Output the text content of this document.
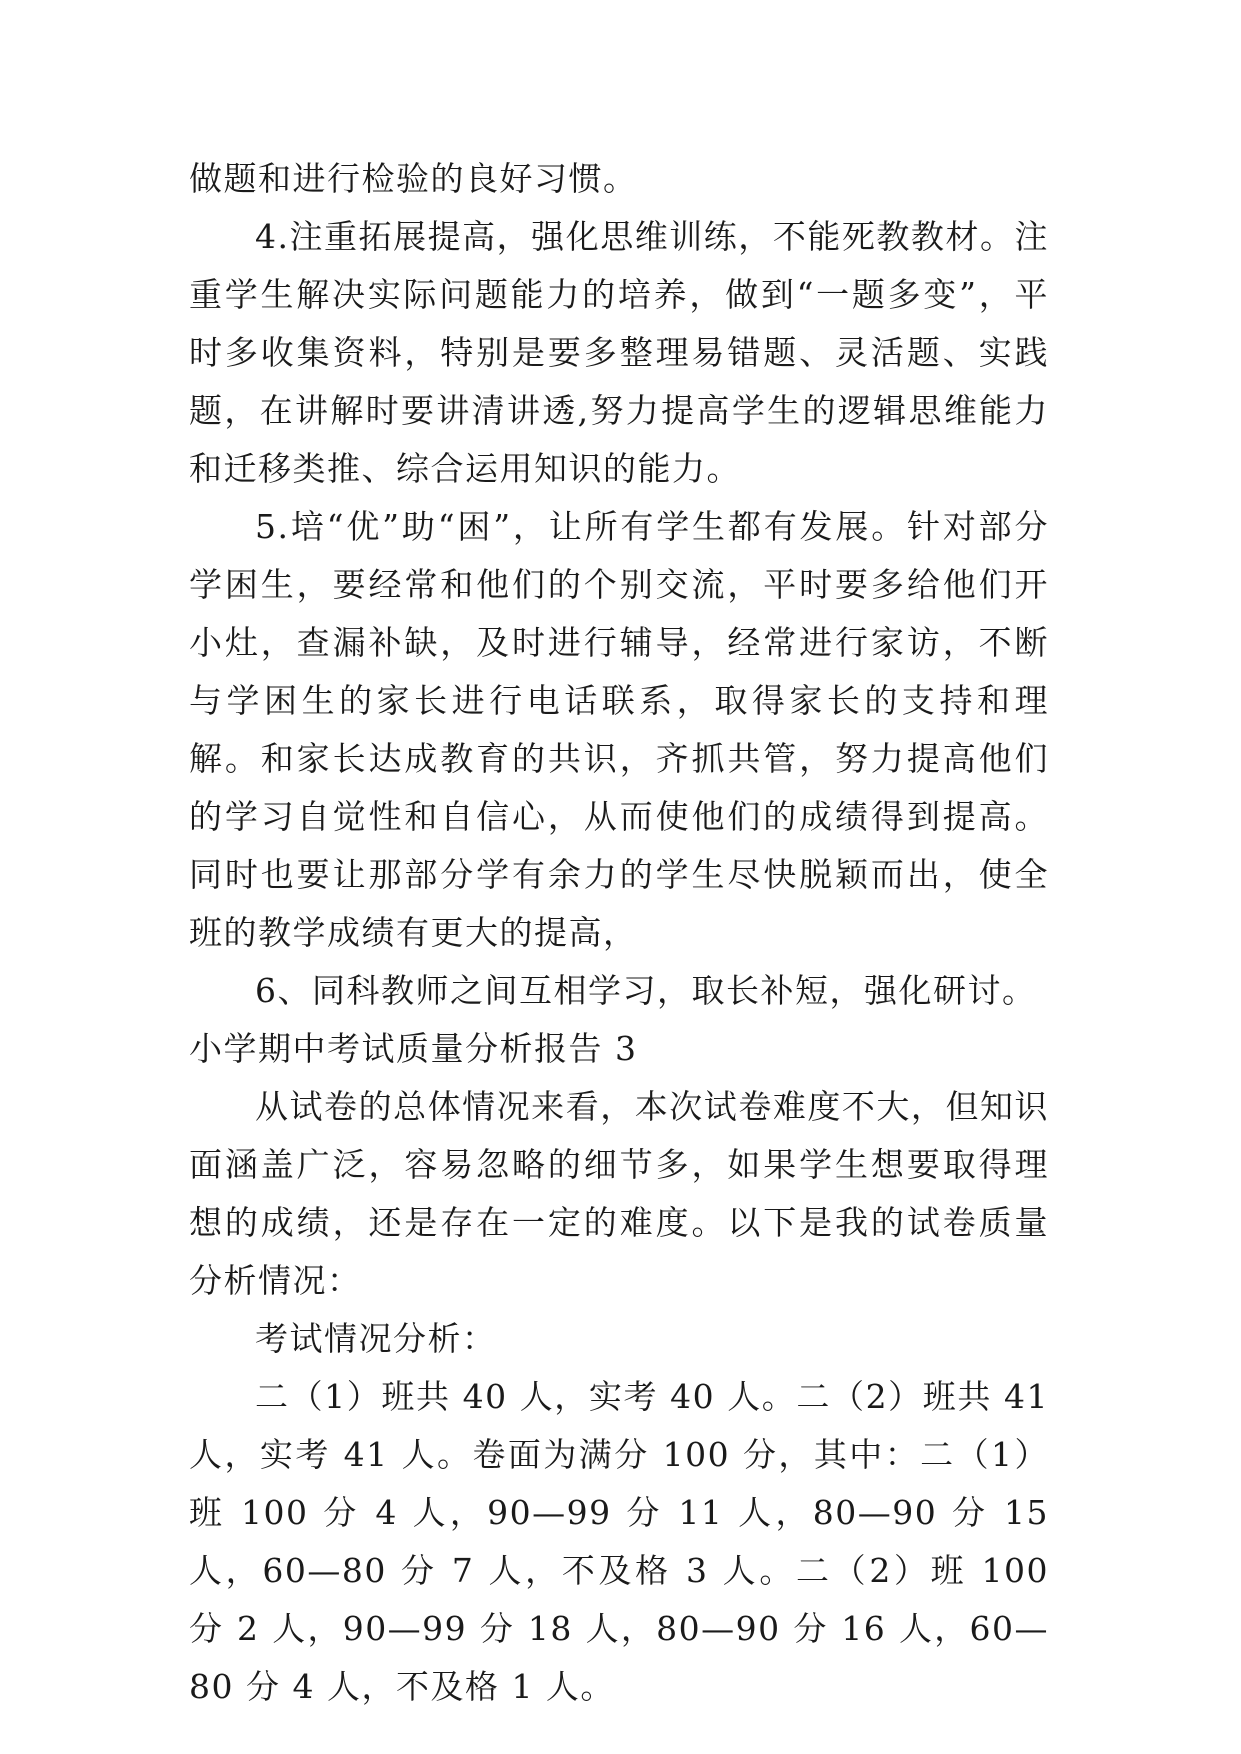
做题和进行检验的良好习惯。

4.注重拓展提高，强化思维训练，不能死教教材。注重学生解决实际问题能力的培养，做到“一题多变”，平时多收集资料，特别是要多整理易错题、灵活题、实践题，在讲解时要讲清讲透,努力提高学生的逻辑思维能力和迁移类推、综合运用知识的能力。

5.培“优”助“困”，让所有学生都有发展。针对部分学困生，要经常和他们的个别交流，平时要多给他们开小灶，查漏补缺，及时进行辅导，经常进行家访，不断与学困生的家长进行电话联系，取得家长的支持和理解。和家长达成教育的共识，齐抓共管，努力提高他们的学习自觉性和自信心，从而使他们的成绩得到提高。同时也要让那部分学有余力的学生尽快脱颖而出，使全班的教学成绩有更大的提高，

6、同科教师之间互相学习，取长补短，强化研讨。

小学期中考试质量分析报告 3

从试卷的总体情况来看，本次试卷难度不大，但知识面涵盖广泛，容易忽略的细节多，如果学生想要取得理想的成绩，还是存在一定的难度。以下是我的试卷质量分析情况：

考试情况分析：

二（1）班共 40 人，实考 40 人。二（2）班共 41 人，实考 41 人。卷面为满分 100 分，其中：二（1）班 100 分 4 人，90—99 分 11 人，80—90 分 15 人，60—80 分 7 人，不及格 3 人。二（2）班 100 分 2 人，90—99 分 18 人，80—90 分 16 人，60—80 分 4 人，不及格 1 人。
